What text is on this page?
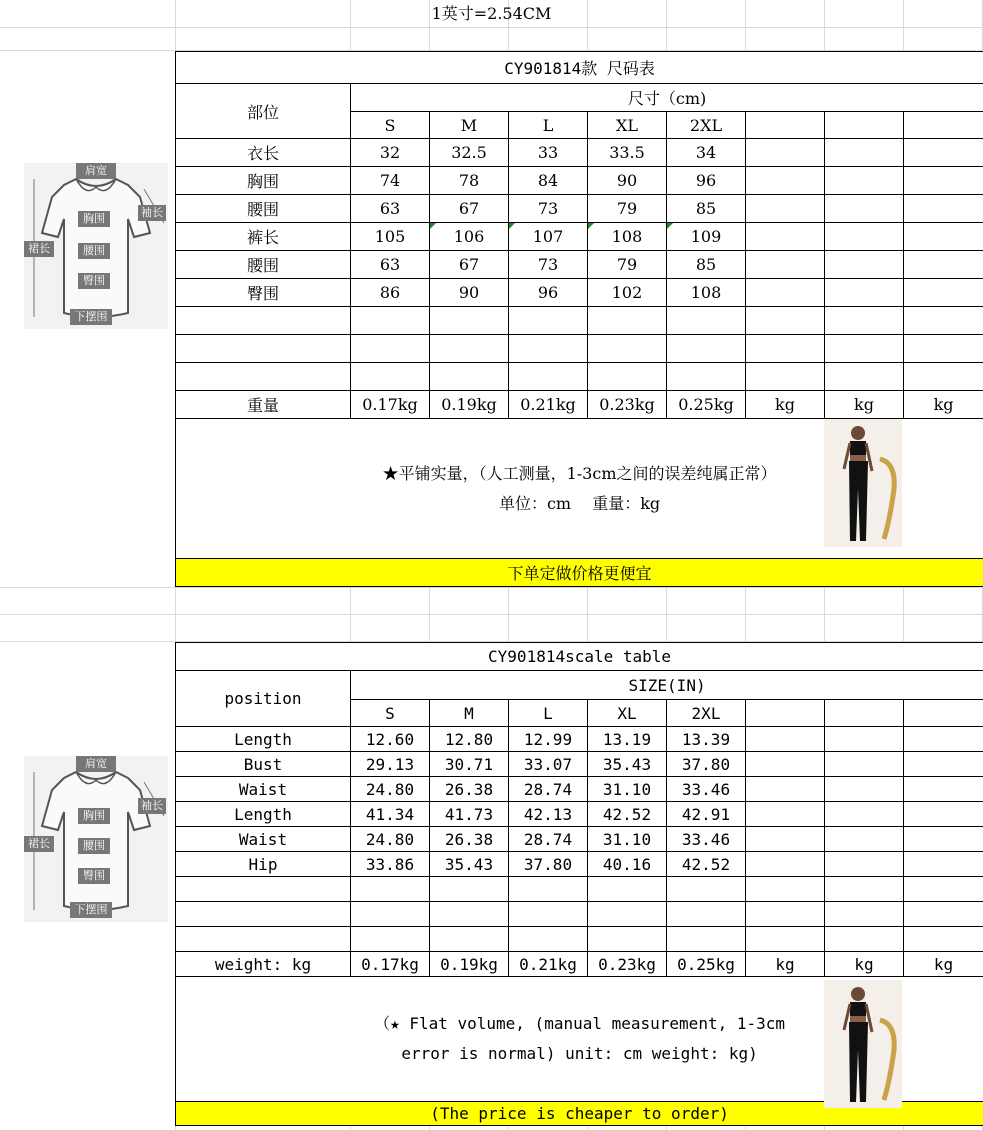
1英寸=2.54CM
CY901814款 尺码表								
部位	尺寸（cm)							
	S	M	L	XL	2XL			
衣长	32	32.5	33	33.5	34			
胸围	74	78	84	90	96			
腰围	63	67	73	79	85			
裤长	105	106	107	108	109			
腰围	63	67	73	79	85			
臀围	86	90	96	102	108			

重量	0.17kg	0.19kg	0.21kg	0.23kg	0.25kg	kg	kg	kg

★平铺实量，（人工测量，1-3cm之间的误差纯属正常）
单位：cm　 重量：kg								

下单定做价格更便宜								
CY901814scale table								
position	SIZE(IN)							
	S	M	L	XL	2XL			
Length	12.60	12.80	12.99	13.19	13.39			
Bust	29.13	30.71	33.07	35.43	37.80			
Waist	24.80	26.38	28.74	31.10	33.46			
Length	41.34	41.73	42.13	42.52	42.91			
Waist	24.80	26.38	28.74	31.10	33.46			
Hip	33.86	35.43	37.80	40.16	42.52			

weight: kg	0.17kg	0.19kg	0.21kg	0.23kg	0.25kg	kg	kg	kg

（★ Flat volume, (manual measurement, 1-3cm
error is normal) unit: cm weight: kg)								

(The price is cheaper to order)								
肩宽
袖长
胸围
腰围
臀围
下摆围
裙长
肩宽
袖长
胸围
腰围
臀围
下摆围
裙长
